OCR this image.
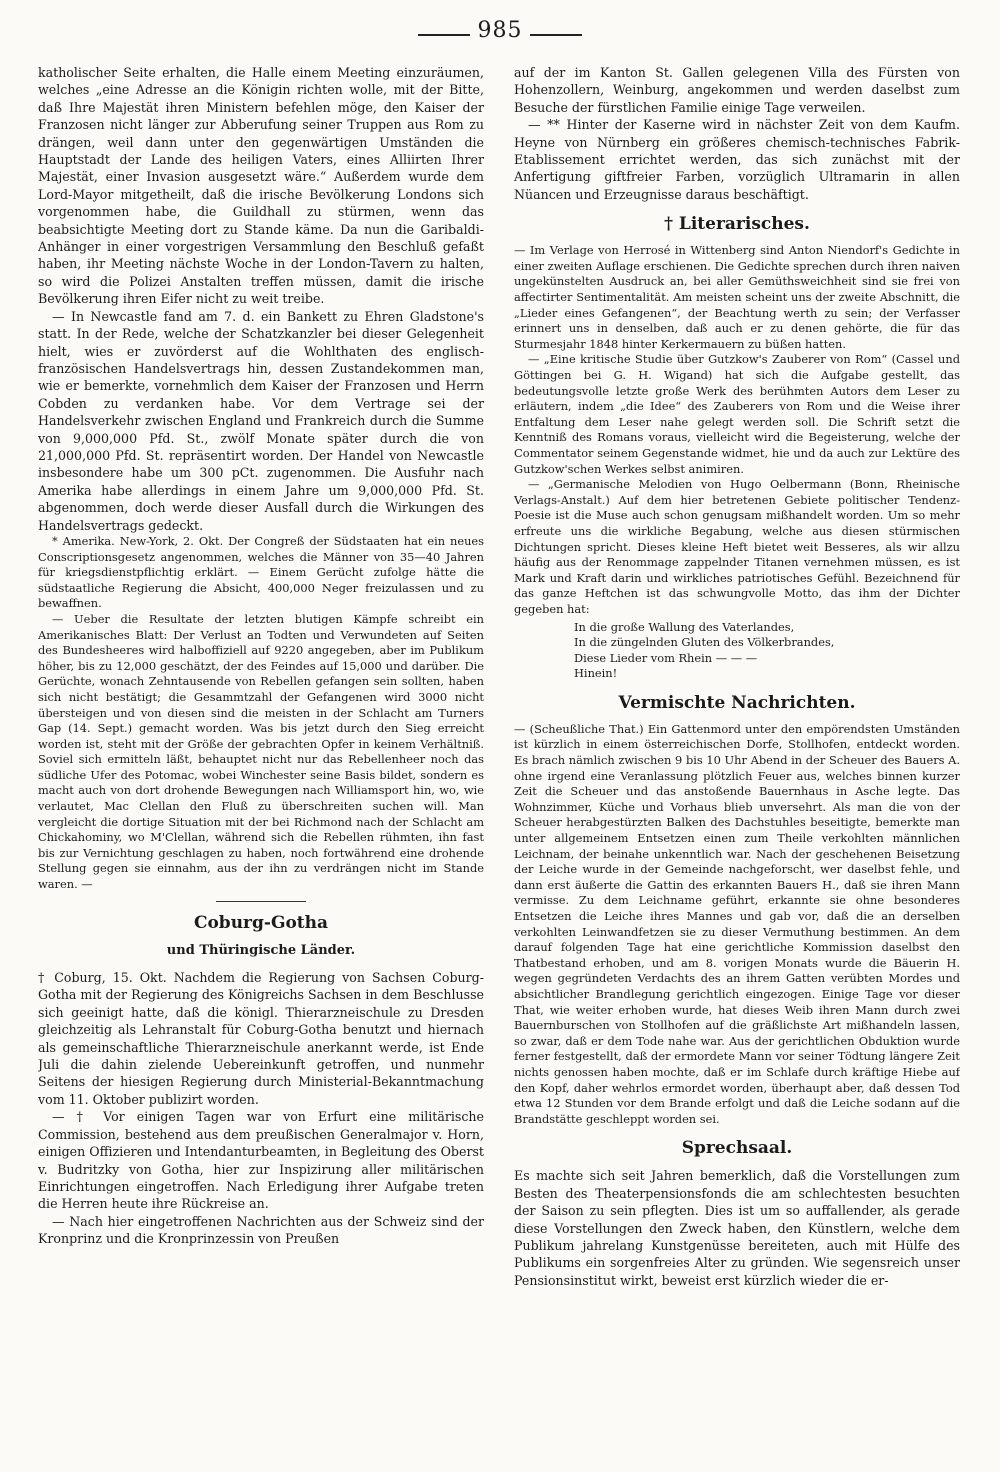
985

katholischer Seite erhalten, die Halle einem Meeting einzuräumen, welches „eine Adresse an die Königin richten wolle, mit der Bitte, daß Ihre Majestät ihren Ministern befehlen möge, den Kaiser der Franzosen nicht länger zur Abberufung seiner Truppen aus Rom zu drängen, weil dann unter den gegenwärtigen Umständen die Hauptstadt der Lande des heiligen Vaters, eines Alliirten Ihrer Majestät, einer Invasion ausgesetzt wäre.“ Außerdem wurde dem Lord-Mayor mitgetheilt, daß die irische Bevölkerung Londons sich vorgenommen habe, die Guildhall zu stürmen, wenn das beabsichtigte Meeting dort zu Stande käme. Da nun die Garibaldi-Anhänger in einer vorgestrigen Versammlung den Beschluß gefaßt haben, ihr Meeting nächste Woche in der London-Tavern zu halten, so wird die Polizei Anstalten treffen müssen, damit die irische Bevölkerung ihren Eifer nicht zu weit treibe.

— In Newcastle fand am 7. d. ein Bankett zu Ehren Gladstone's statt. In der Rede, welche der Schatzkanzler bei dieser Gelegenheit hielt, wies er zuvörderst auf die Wohlthaten des englisch-französischen Handelsvertrags hin, dessen Zustandekommen man, wie er bemerkte, vornehmlich dem Kaiser der Franzosen und Herrn Cobden zu verdanken habe. Vor dem Vertrage sei der Handelsverkehr zwischen England und Frankreich durch die Summe von 9,000,000 Pfd. St., zwölf Monate später durch die von 21,000,000 Pfd. St. repräsentirt worden. Der Handel von Newcastle insbesondere habe um 300 pCt. zugenommen. Die Ausfuhr nach Amerika habe allerdings in einem Jahre um 9,000,000 Pfd. St. abgenommen, doch werde dieser Ausfall durch die Wirkungen des Handelsvertrags gedeckt.

* Amerika. New-York, 2. Okt. Der Congreß der Südstaaten hat ein neues Conscriptionsgesetz angenommen, welches die Männer von 35—40 Jahren für kriegsdienstpflichtig erklärt. — Einem Gerücht zufolge hätte die südstaatliche Regierung die Absicht, 400,000 Neger freizulassen und zu bewaffnen.

— Ueber die Resultate der letzten blutigen Kämpfe schreibt ein Amerikanisches Blatt: Der Verlust an Todten und Verwundeten auf Seiten des Bundesheeres wird halboffiziell auf 9220 angegeben, aber im Publikum höher, bis zu 12,000 geschätzt, der des Feindes auf 15,000 und darüber. Die Gerüchte, wonach Zehntausende von Rebellen gefangen sein sollten, haben sich nicht bestätigt; die Gesammtzahl der Gefangenen wird 3000 nicht übersteigen und von diesen sind die meisten in der Schlacht am Turners Gap (14. Sept.) gemacht worden. Was bis jetzt durch den Sieg erreicht worden ist, steht mit der Größe der gebrachten Opfer in keinem Verhältniß. Soviel sich ermitteln läßt, behauptet nicht nur das Rebellenheer noch das südliche Ufer des Potomac, wobei Winchester seine Basis bildet, sondern es macht auch von dort drohende Bewegungen nach Williamsport hin, wo, wie verlautet, Mac Clellan den Fluß zu überschreiten suchen will. Man vergleicht die dortige Situation mit der bei Richmond nach der Schlacht am Chickahominy, wo M'Clellan, während sich die Rebellen rühmten, ihn fast bis zur Vernichtung geschlagen zu haben, noch fortwährend eine drohende Stellung gegen sie einnahm, aus der ihn zu verdrängen nicht im Stande waren. —

Coburg-Gotha
und Thüringische Länder.

† Coburg, 15. Okt. Nachdem die Regierung von Sachsen Coburg-Gotha mit der Regierung des Königreichs Sachsen in dem Beschlusse sich geeinigt hatte, daß die königl. Thierarzneischule zu Dresden gleichzeitig als Lehranstalt für Coburg-Gotha benutzt und hiernach als gemeinschaftliche Thierarzneischule anerkannt werde, ist Ende Juli die dahin zielende Uebereinkunft getroffen, und nunmehr Seitens der hiesigen Regierung durch Ministerial-Bekanntmachung vom 11. Oktober publizirt worden.

— † Vor einigen Tagen war von Erfurt eine militärische Commission, bestehend aus dem preußischen Generalmajor v. Horn, einigen Offizieren und Intendanturbeamten, in Begleitung des Oberst v. Budritzky von Gotha, hier zur Inspizirung aller militärischen Einrichtungen eingetroffen. Nach Erledigung ihrer Aufgabe treten die Herren heute ihre Rückreise an.

— Nach hier eingetroffenen Nachrichten aus der Schweiz sind der Kronprinz und die Kronprinzessin von Preußen

auf der im Kanton St. Gallen gelegenen Villa des Fürsten von Hohenzollern, Weinburg, angekommen und werden daselbst zum Besuche der fürstlichen Familie einige Tage verweilen.

— ** Hinter der Kaserne wird in nächster Zeit von dem Kaufm. Heyne von Nürnberg ein größeres chemisch-technisches Fabrik-Etablissement errichtet werden, das sich zunächst mit der Anfertigung giftfreier Farben, vorzüglich Ultramarin in allen Nüancen und Erzeugnisse daraus beschäftigt.

† Literarisches.

— Im Verlage von Herrosé in Wittenberg sind Anton Niendorf's Gedichte in einer zweiten Auflage erschienen. Die Gedichte sprechen durch ihren naiven ungekünstelten Ausdruck an, bei aller Gemüthsweichheit sind sie frei von affectirter Sentimentalität. Am meisten scheint uns der zweite Abschnitt, die „Lieder eines Gefangenen“, der Beachtung werth zu sein; der Verfasser erinnert uns in denselben, daß auch er zu denen gehörte, die für das Sturmesjahr 1848 hinter Kerkermauern zu büßen hatten.

— „Eine kritische Studie über Gutzkow's Zauberer von Rom“ (Cassel und Göttingen bei G. H. Wigand) hat sich die Aufgabe gestellt, das bedeutungsvolle letzte große Werk des berühmten Autors dem Leser zu erläutern, indem „die Idee“ des Zauberers von Rom und die Weise ihrer Entfaltung dem Leser nahe gelegt werden soll. Die Schrift setzt die Kenntniß des Romans voraus, vielleicht wird die Begeisterung, welche der Commentator seinem Gegenstande widmet, hie und da auch zur Lektüre des Gutzkow'schen Werkes selbst animiren.

— „Germanische Melodien von Hugo Oelbermann (Bonn, Rheinische Verlags-Anstalt.) Auf dem hier betretenen Gebiete politischer Tendenz-Poesie ist die Muse auch schon genugsam mißhandelt worden. Um so mehr erfreute uns die wirkliche Begabung, welche aus diesen stürmischen Dichtungen spricht. Dieses kleine Heft bietet weit Besseres, als wir allzu häufig aus der Renommage zappelnder Titanen vernehmen müssen, es ist Mark und Kraft darin und wirkliches patriotisches Gefühl. Bezeichnend für das ganze Heftchen ist das schwungvolle Motto, das ihm der Dichter gegeben hat:

In die große Wallung des Vaterlandes,
In die züngelnden Gluten des Völkerbrandes,
Diese Lieder vom Rhein — — —
Hinein!
Vermischte Nachrichten.

— (Scheußliche That.) Ein Gattenmord unter den empörendsten Umständen ist kürzlich in einem österreichischen Dorfe, Stollhofen, entdeckt worden. Es brach nämlich zwischen 9 bis 10 Uhr Abend in der Scheuer des Bauers A. ohne irgend eine Veranlassung plötzlich Feuer aus, welches binnen kurzer Zeit die Scheuer und das anstoßende Bauernhaus in Asche legte. Das Wohnzimmer, Küche und Vorhaus blieb unversehrt. Als man die von der Scheuer herabgestürzten Balken des Dachstuhles beseitigte, bemerkte man unter allgemeinem Entsetzen einen zum Theile verkohlten männlichen Leichnam, der beinahe unkenntlich war. Nach der geschehenen Beisetzung der Leiche wurde in der Gemeinde nachgeforscht, wer daselbst fehle, und dann erst äußerte die Gattin des erkannten Bauers H., daß sie ihren Mann vermisse. Zu dem Leichname geführt, erkannte sie ohne besonderes Entsetzen die Leiche ihres Mannes und gab vor, daß die an derselben verkohlten Leinwandfetzen sie zu dieser Vermuthung bestimmen. An dem darauf folgenden Tage hat eine gerichtliche Kommission daselbst den Thatbestand erhoben, und am 8. vorigen Monats wurde die Bäuerin H. wegen gegründeten Verdachts des an ihrem Gatten verübten Mordes und absichtlicher Brandlegung gerichtlich eingezogen. Einige Tage vor dieser That, wie weiter erhoben wurde, hat dieses Weib ihren Mann durch zwei Bauernburschen von Stollhofen auf die gräßlichste Art mißhandeln lassen, so zwar, daß er dem Tode nahe war. Aus der gerichtlichen Obduktion wurde ferner festgestellt, daß der ermordete Mann vor seiner Tödtung längere Zeit nichts genossen haben mochte, daß er im Schlafe durch kräftige Hiebe auf den Kopf, daher wehrlos ermordet worden, überhaupt aber, daß dessen Tod etwa 12 Stunden vor dem Brande erfolgt und daß die Leiche sodann auf die Brandstätte geschleppt worden sei.

Sprechsaal.

Es machte sich seit Jahren bemerklich, daß die Vorstellungen zum Besten des Theaterpensionsfonds die am schlechtesten besuchten der Saison zu sein pflegten. Dies ist um so auffallender, als gerade diese Vorstellungen den Zweck haben, den Künstlern, welche dem Publikum jahrelang Kunstgenüsse bereiteten, auch mit Hülfe des Publikums ein sorgenfreies Alter zu gründen. Wie segensreich unser Pensionsinstitut wirkt, beweist erst kürzlich wieder die er-
